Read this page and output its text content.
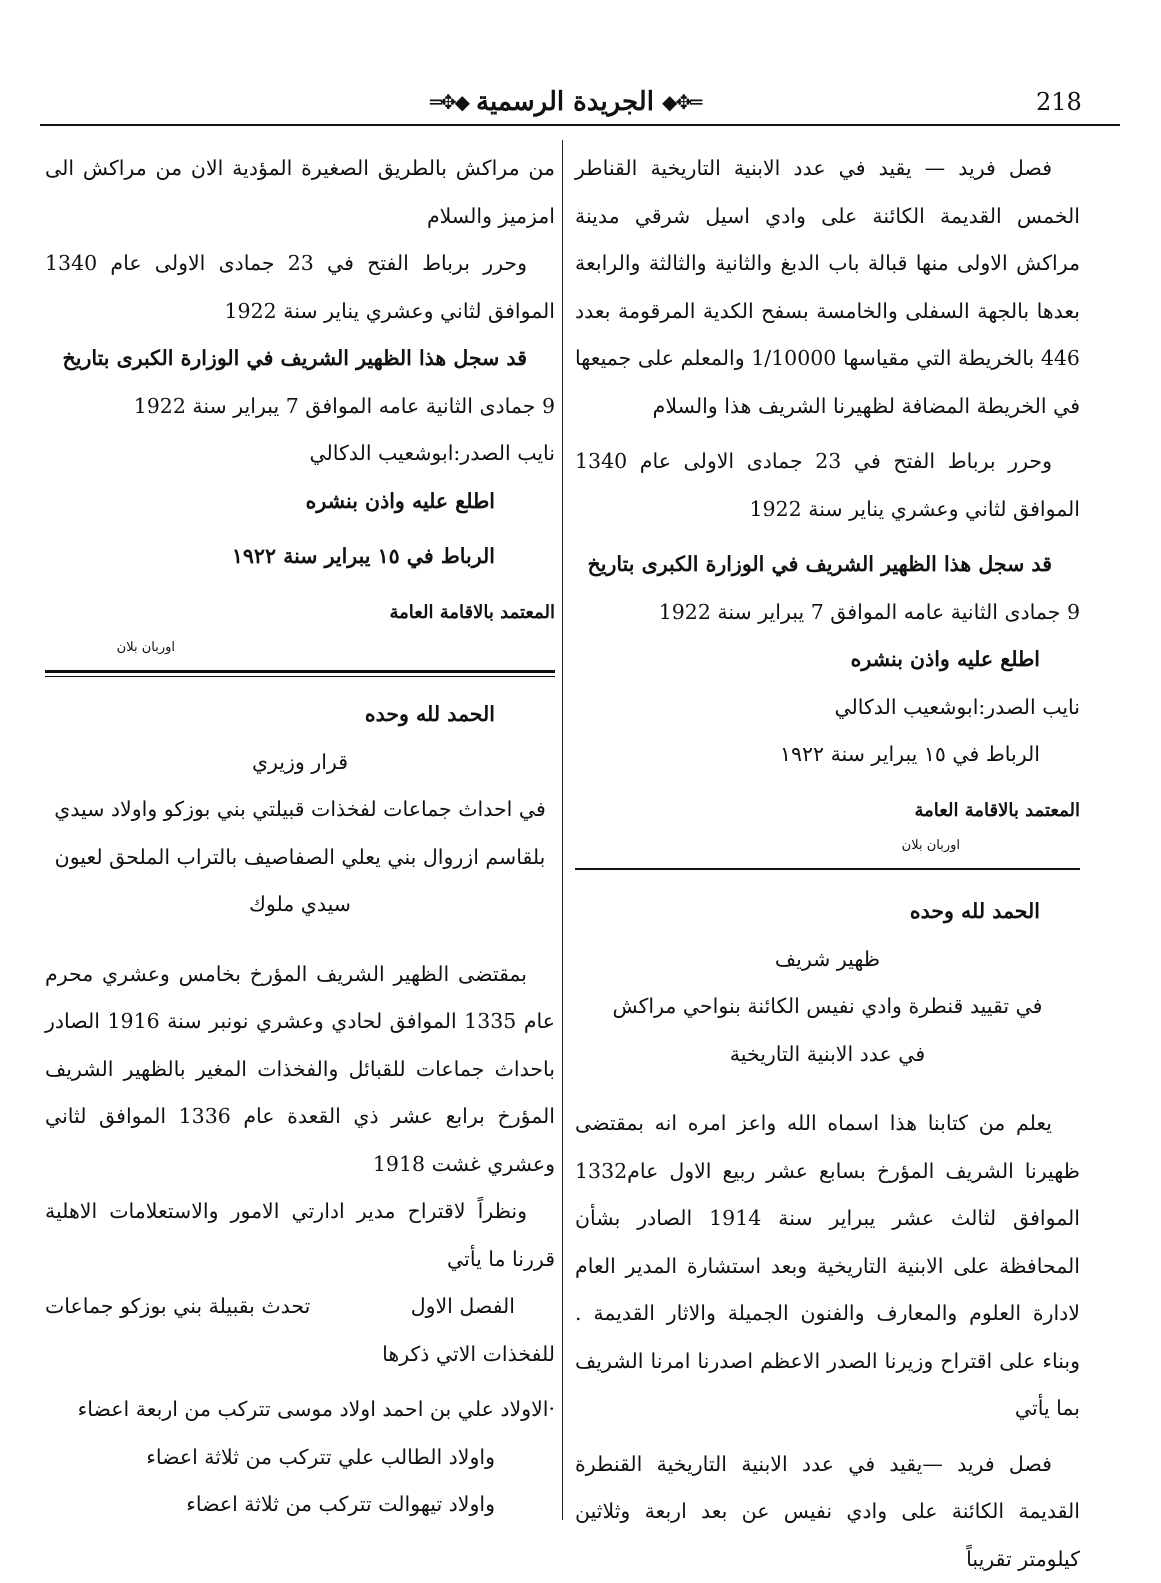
218
═✥◆
الجريدة الرسمية
◆✥═

فصل فريد — يقيد في عدد الابنية التاريخية القناطر الخمس القديمة الكائنة على وادي اسيل شرقي مدينة مراكش الاولى منها قبالة باب الدبغ والثانية والثالثة والرابعة بعدها بالجهة السفلى والخامسة بسفح الكدية المرقومة بعدد 446 بالخريطة التي مقياسها 1/10000 والمعلم على جميعها في الخريطة المضافة لظهيرنا الشريف هذا والسلام

وحرر برباط الفتح في 23 جمادى الاولى عام 1340 الموافق لثاني وعشري يناير سنة 1922

قد سجل هذا الظهير الشريف في الوزارة الكبرى بتاريخ

9 جمادى الثانية عامه الموافق 7 يبراير سنة 1922

اطلع عليه واذن بنشره

نايب الصدر:ابوشعيب الدكالي

الرباط في ١٥ يبراير سنة ١٩٢٢

المعتمد بالاقامة العامة

اوربان بلان

الحمد لله وحده

ظهير شريف

في تقييد قنطرة وادي نفيس الكائنة بنواحي مراكش

في عدد الابنية التاريخية

يعلم من كتابنا هذا اسماه الله واعز امره انه بمقتضى ظهيرنا الشريف المؤرخ بسابع عشر ربيع الاول عام1332 الموافق لثالث عشر يبراير سنة 1914 الصادر بشأن المحافظة على الابنية التاريخية وبعد استشارة المدير العام لادارة العلوم والمعارف والفنون الجميلة والاثار القديمة . وبناء على اقتراح وزيرنا الصدر الاعظم اصدرنا امرنا الشريف بما يأتي

فصل فريد —يقيد في عدد الابنية التاريخية القنطرة القديمة الكائنة على وادي نفيس عن بعد اربعة وثلاثين كيلومتر تقريباً

من مراكش بالطريق الصغيرة المؤدية الان من مراكش الى امزميز والسلام

وحرر برباط الفتح في 23 جمادى الاولى عام 1340 الموافق لثاني وعشري يناير سنة 1922

قد سجل هذا الظهير الشريف في الوزارة الكبرى بتاريخ

9 جمادى الثانية عامه الموافق 7 يبراير سنة 1922

نايب الصدر:ابوشعيب الدكالي

اطلع عليه واذن بنشره

الرباط في ١٥ يبراير سنة ١٩٢٢

المعتمد بالاقامة العامة

اوربان بلان

الحمد لله وحده

قرار وزيري

في احداث جماعات لفخذات قبيلتي بني بوزكو واولاد سيدي بلقاسم ازروال بني يعلي الصفاصيف بالتراب الملحق لعيون سيدي ملوك

بمقتضى الظهير الشريف المؤرخ بخامس وعشري محرم عام 1335 الموافق لحادي وعشري نونبر سنة 1916 الصادر باحداث جماعات للقبائل والفخذات المغير بالظهير الشريف المؤرخ برابع عشر ذي القعدة عام 1336 الموافق لثاني وعشري غشت 1918

ونظراً لاقتراح مدير ادارتي الامور والاستعلامات الاهلية قررنا ما يأتي

الفصل الاول
تحدث بقبيلة بني بوزكو جماعات

للفخذات الاتي ذكرها

·الاولاد علي بن احمد اولاد موسى تتركب من اربعة اعضاء

واولاد الطالب علي تتركب من ثلاثة اعضاء

واولاد تيهوالت تتركب من ثلاثة اعضاء
